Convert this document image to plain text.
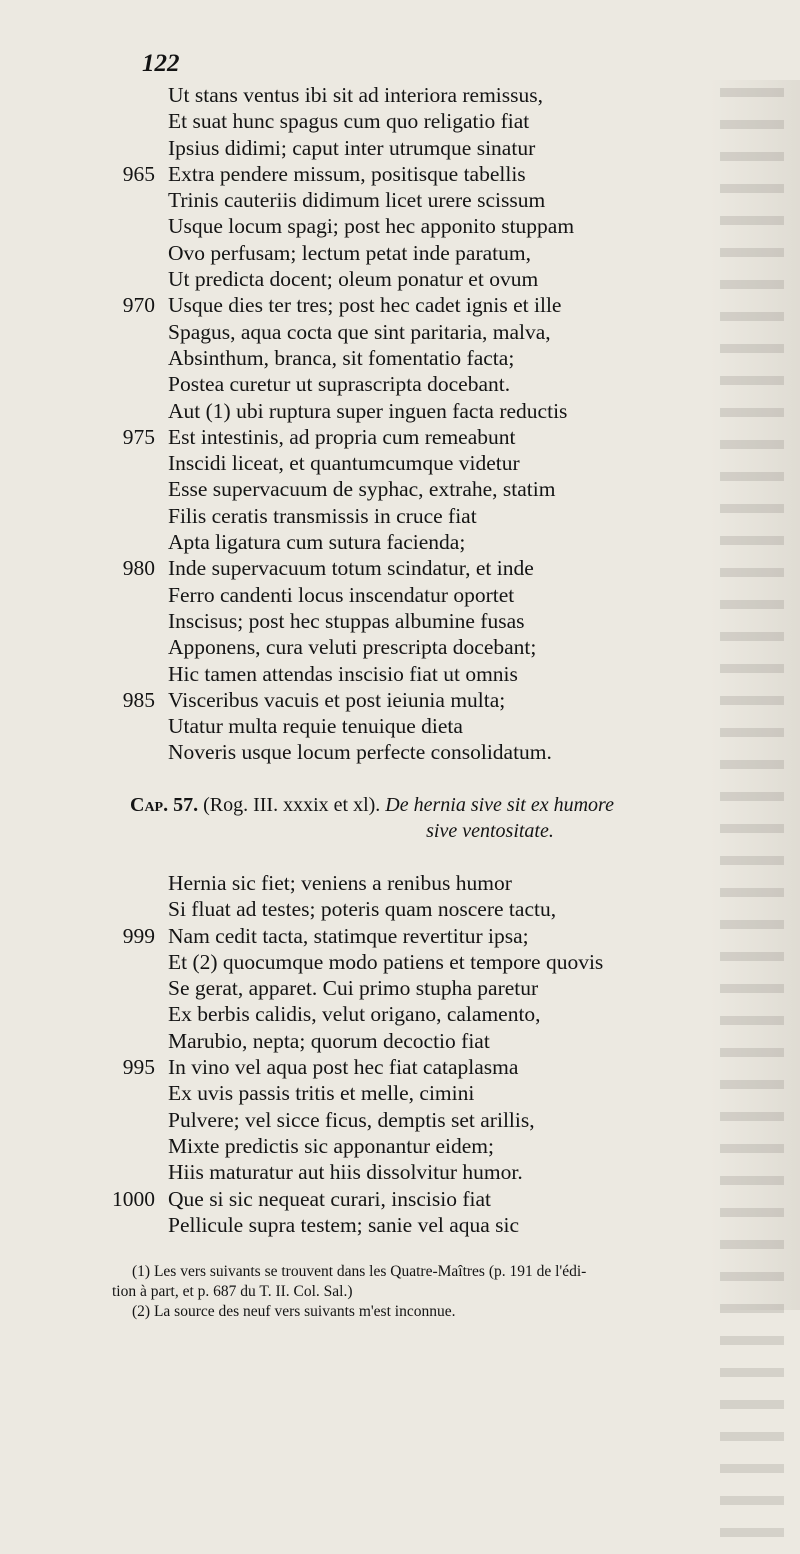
122
Ut stans ventus ibi sit ad interiora remissus,
Et suat hunc spagus cum quo religatio fiat
Ipsius didimi; caput inter utrumque sinatur
965 Extra pendere missum, positisque tabellis
Trinis cauteriis didimum licet urere scissum
Usque locum spagi; post hec apponito stuppam
Ovo perfusam; lectum petat inde paratum,
Ut predicta docent; oleum ponatur et ovum
970 Usque dies ter tres; post hec cadet ignis et ille
Spagus, aqua cocta que sint paritaria, malva,
Absinthum, branca, sit fomentatio facta;
Postea curetur ut suprascripta docebant.
Aut (1) ubi ruptura super inguen facta reductis
975 Est intestinis, ad propria cum remeabunt
Inscidi liceat, et quantumcumque videtur
Esse supervacuum de syphac, extrahe, statim
Filis ceratis transmissis in cruce fiat
Apta ligatura cum sutura facienda;
980 Inde supervacuum totum scindatur, et inde
Ferro candenti locus inscendatur oportet
Inscisus; post hec stuppas albumine fusas
Apponens, cura veluti prescripta docebant;
Hic tamen attendas inscisio fiat ut omnis
985 Visceribus vacuis et post ieiunia multa;
Utatur multa requie tenuique dieta
Noveris usque locum perfecte consolidatum.
Cap. 57. (Rog. III. xxxix et xl). De hernia sive sit ex humore
sive ventositate.
Hernia sic fiet; veniens a renibus humor
Si fluat ad testes; poteris quam noscere tactu,
999 Nam cedit tacta, statimque revertitur ipsa;
Et (2) quocumque modo patiens et tempore quovis
Se gerat, apparet. Cui primo stupha paretur
Ex berbis calidis, velut origano, calamento,
Marubio, nepta; quorum decoctio fiat
995 In vino vel aqua post hec fiat cataplasma
Ex uvis passis tritis et melle, cimini
Pulvere; vel sicce ficus, demptis set arillis,
Mixte predictis sic apponantur eidem;
Hiis maturatur aut hiis dissolvitur humor.
1000 Que si sic nequeat curari, inscisio fiat
Pellicule supra testem; sanie vel aqua sic

(1) Les vers suivants se trouvent dans les Quatre-Maîtres (p. 191 de l'édi-

tion à part, et p. 687 du T. II. Col. Sal.)

(2) La source des neuf vers suivants m'est inconnue.
